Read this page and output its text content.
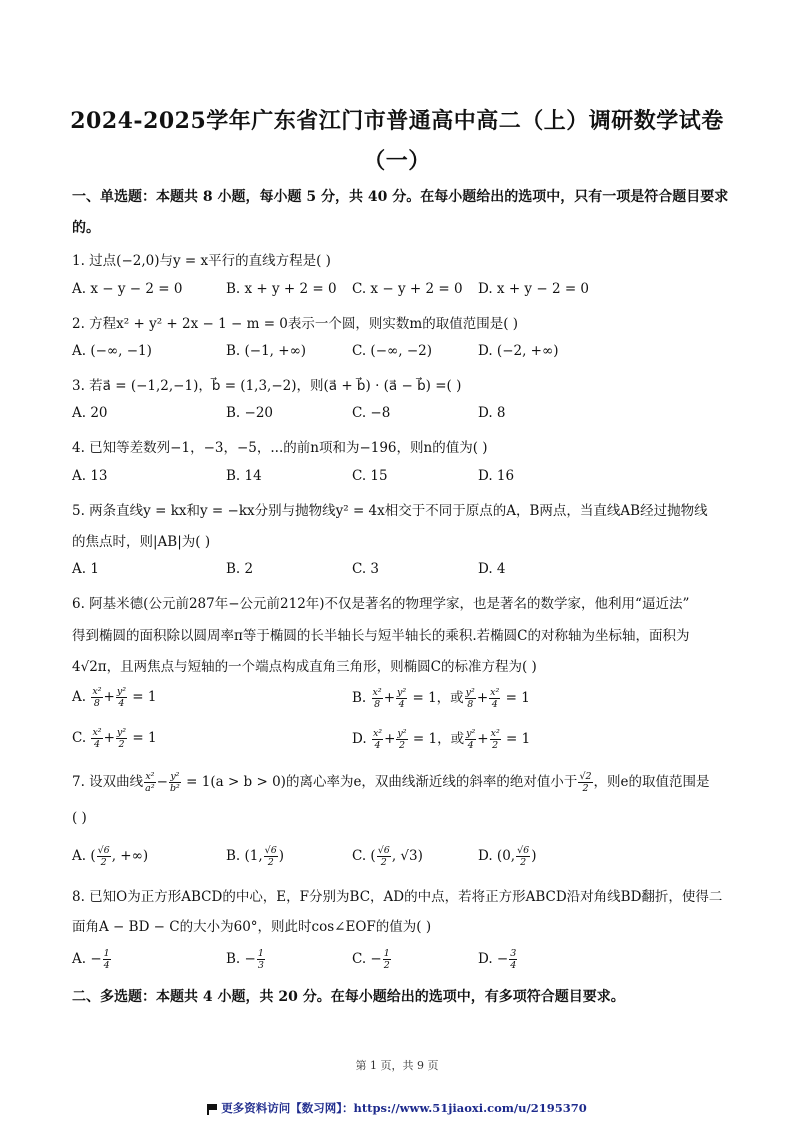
2024-2025学年广东省江门市普通高中高二（上）调研数学试卷
（一）
一、单选题：本题共 8 小题，每小题 5 分，共 40 分。在每小题给出的选项中，只有一项是符合题目要求
的。
1. 过点(−2,0)与y = x平行的直线方程是( )
A. x − y − 2 = 0	B. x + y + 2 = 0 C. x − y + 2 = 0 D. x + y − 2 = 0
2. 方程x² + y² + 2x − 1 − m = 0表示一个圆，则实数m的取值范围是( )
A. (−∞, −1)	B. (−1, +∞)	C. (−∞, −2)	D. (−2, +∞)
3. 若a⃗ = (−1,2,−1)，b⃗ = (1,3,−2)，则(a⃗ + b⃗) · (a⃗ − b⃗) =( )
A. 20	B. −20	C. −8	D. 8
4. 已知等差数列−1，−3，−5，...的前n项和为−196，则n的值为( )
A. 13	B. 14	C. 15	D. 16
5. 两条直线y = kx和y = −kx分别与抛物线y² = 4x相交于不同于原点的A，B两点，当直线AB经过抛物线
的焦点时，则|AB|为( )
A. 1	B. 2	C. 3	D. 4
6. 阿基米德(公元前287年−公元前212年)不仅是著名的物理学家，也是著名的数学家，他利用“逼近法”
得到椭圆的面积除以圆周率π等于椭圆的长半轴长与短半轴长的乘积.若椭圆C的对称轴为坐标轴，面积为
4√2π，且两焦点与短轴的一个端点构成直角三角形，则椭圆C的标准方程为( )
A. $\frac{\text{x²}}{8} + \frac{\text{y²}}{4} = 1$	B. $\frac{\text{x²}}{8} + \frac{\text{y²}}{4} = 1$，或 $\frac{\text{y²}}{8} + \frac{\text{x²}}{4} = 1$
C. $\frac{\text{x²}}{4} + \frac{\text{y²}}{2} = 1$	D. $\frac{\text{x²}}{4} + \frac{\text{y²}}{2} = 1$，或 $\frac{\text{y²}}{4} + \frac{\text{x²}}{2} = 1$
7. 设双曲线 $\frac{\text{x²}}{\text{a²}} - \frac{\text{y²}}{\text{b²}} = 1(a > b > 0)$的离心率为e，双曲线渐近线的斜率的绝对值小于 $\frac{√2}{2}$ ，则e的取值范围是
( )
A. ( $\frac{√6}{2}$ , +∞)	B. (1, $\frac{√6}{2}$ )	C. ( $\frac{√6}{2}$ , √3)	D. (0, $\frac{√6}{2}$ )
8. 已知O为正方形ABCD的中心，E，F分别为BC，AD的中点，若将正方形ABCD沿对角线BD翻折，使得二
面角A − BD − C的大小为60°，则此时cos∠EOF的值为( )
A. − $\frac{1}{4}$	B. − $\frac{1}{3}$	C. − $\frac{1}{2}$	D. − $\frac{3}{4}$
二、多选题：本题共 4 小题，共 20 分。在每小题给出的选项中，有多项符合题目要求。
第 1 页，共 9 页
更多资料访问【数习网】：https://www.51jiaoxi.com/u/2195370
